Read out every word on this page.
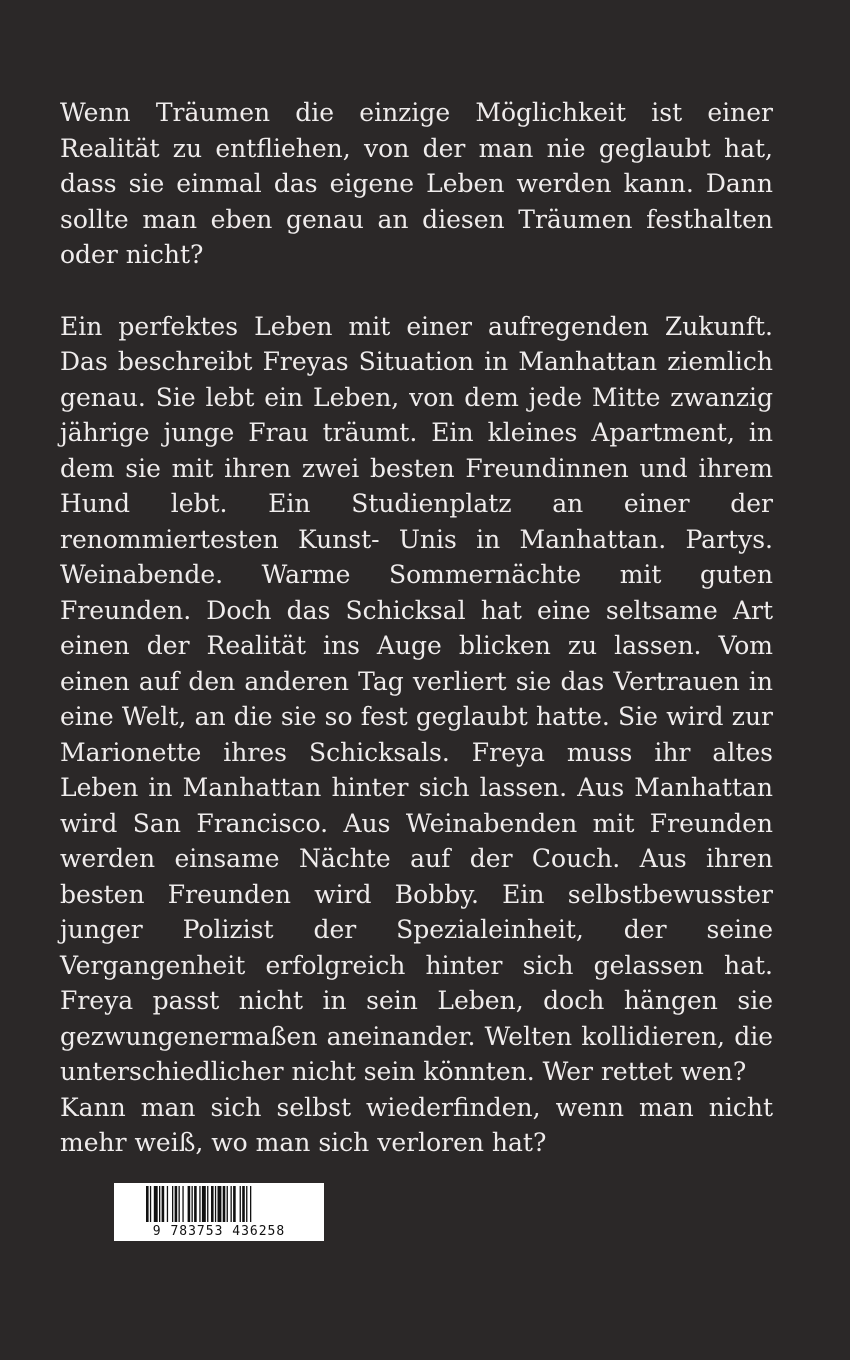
Wenn Träumen die einzige Möglichkeit ist einer Realität zu entfliehen, von der man nie geglaubt hat, dass sie einmal das eigene Leben werden kann. Dann sollte man eben genau an diesen Träumen festhalten oder nicht?

Ein perfektes Leben mit einer aufregenden Zukunft. Das beschreibt Freyas Situation in Manhattan ziemlich genau. Sie lebt ein Leben, von dem jede Mitte zwanzig jährige junge Frau träumt. Ein kleines Apartment, in dem sie mit ihren zwei besten Freundinnen und ihrem Hund lebt. Ein Studienplatz an einer der renommiertesten Kunst- Unis in Manhattan. Partys. Weinabende. Warme Sommernächte mit guten Freunden. Doch das Schicksal hat eine seltsame Art einen der Realität ins Auge blicken zu lassen. Vom einen auf den anderen Tag verliert sie das Vertrauen in eine Welt, an die sie so fest geglaubt hatte. Sie wird zur Marionette ihres Schicksals. Freya muss ihr altes Leben in Manhattan hinter sich lassen. Aus Manhattan wird San Francisco. Aus Weinabenden mit Freunden werden einsame Nächte auf der Couch. Aus ihren besten Freunden wird Bobby. Ein selbstbewusster junger Polizist der Spezialeinheit, der seine Vergangenheit erfolgreich hinter sich gelassen hat. Freya passt nicht in sein Leben, doch hängen sie gezwungenermaßen aneinander. Welten kollidieren, die unterschiedlicher nicht sein könnten. Wer rettet wen?

Kann man sich selbst wiederfinden, wenn man nicht mehr weiß, wo man sich verloren hat?

9 783753 436258
